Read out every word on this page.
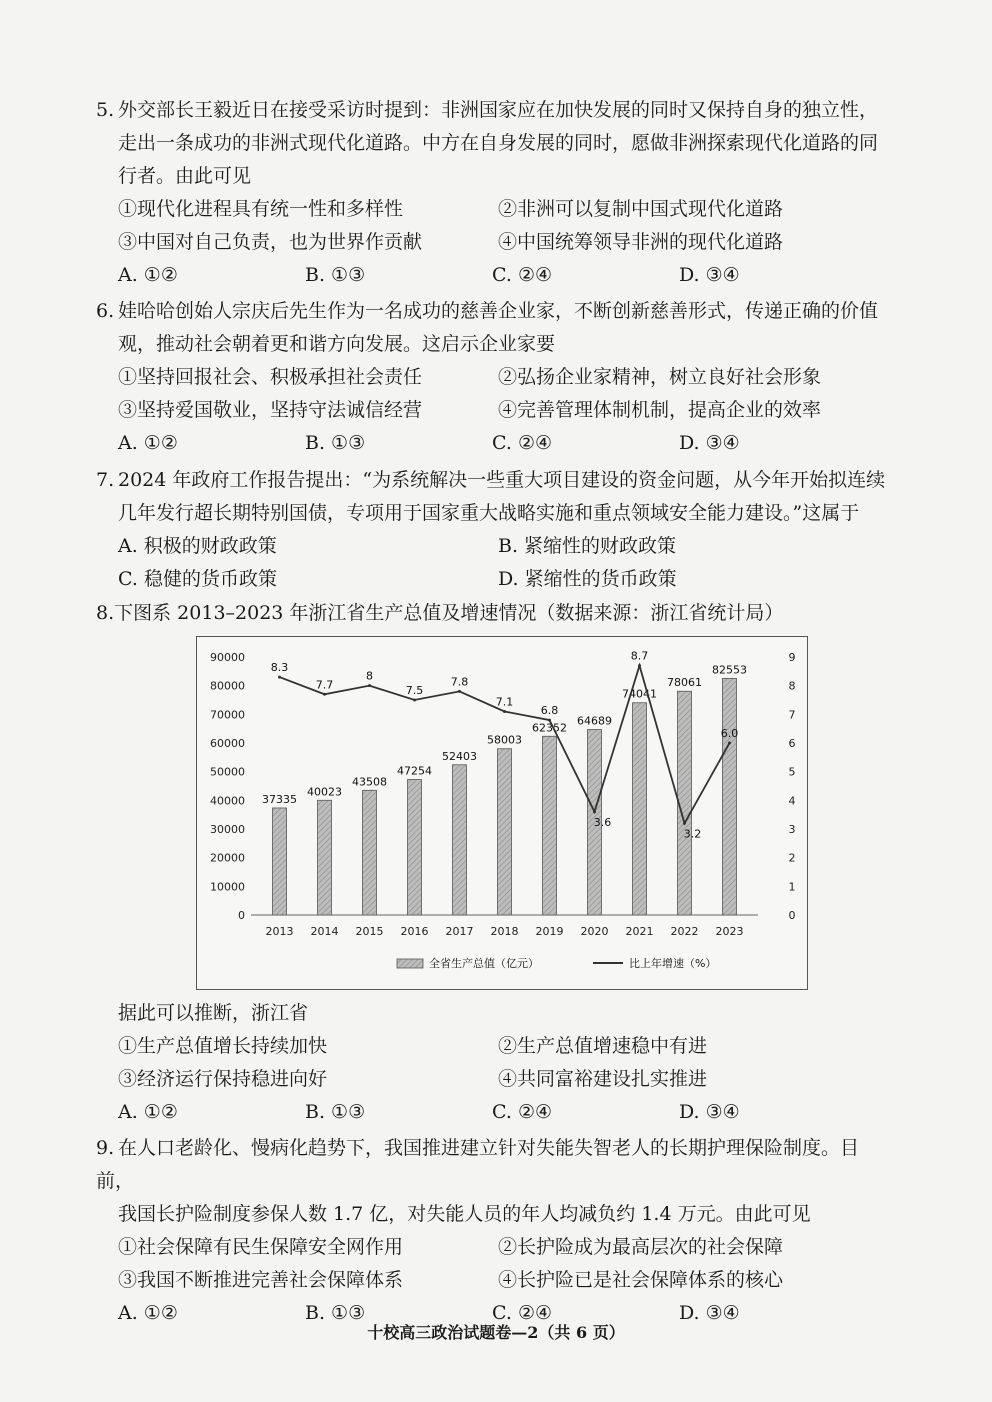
5. 外交部长王毅近日在接受采访时提到：非洲国家应在加快发展的同时又保持自身的独立性，
走出一条成功的非洲式现代化道路。中方在自身发展的同时，愿做非洲探索现代化道路的同
行者。由此可见
①现代化进程具有统一性和多样性	②非洲可以复制中国式现代化道路
③中国对自己负责，也为世界作贡献	④中国统筹领导非洲的现代化道路
A. ①②	B. ①③	C. ②④	D. ③④
6. 娃哈哈创始人宗庆后先生作为一名成功的慈善企业家，不断创新慈善形式，传递正确的价值
观，推动社会朝着更和谐方向发展。这启示企业家要
①坚持回报社会、积极承担社会责任	②弘扬企业家精神，树立良好社会形象
③坚持爱国敬业，坚持守法诚信经营	④完善管理体制机制，提高企业的效率
A. ①②	B. ①③	C. ②④	D. ③④
7. 2024 年政府工作报告提出：“为系统解决一些重大项目建设的资金问题，从今年开始拟连续
几年发行超长期特别国债，专项用于国家重大战略实施和重点领域安全能力建设。”这属于
A. 积极的财政政策	B. 紧缩性的财政政策
C. 稳健的货币政策	D. 紧缩性的货币政策
8.下图系 2013–2023 年浙江省生产总值及增速情况（数据来源：浙江省统计局）
0
10000
20000
30000
40000
50000
60000
70000
80000
90000
0
1
2
3
4
5
6
7
8
9
37335
40023
43508
47254
52403
58003
62352
64689
74041
78061
82553
8.3
7.7
8
7.5
7.8
7.1
6.8
3.6
8.7
3.2
6.0
2013 2014 2015 2016 2017 2018 2019 2020 2021 2022 2023
全省生产总值（亿元）	比上年增速（%）
据此可以推断，浙江省
①生产总值增长持续加快	②生产总值增速稳中有进
③经济运行保持稳进向好	④共同富裕建设扎实推进
A. ①②	B. ①③	C. ②④	D. ③④
9. 在人口老龄化、慢病化趋势下，我国推进建立针对失能失智老人的长期护理保险制度。目前，
我国长护险制度参保人数 1.7 亿，对失能人员的年人均减负约 1.4 万元。由此可见
①社会保障有民生保障安全网作用	②长护险成为最高层次的社会保障
③我国不断推进完善社会保障体系	④长护险已是社会保障体系的核心
A. ①②	B. ①③	C. ②④	D. ③④
十校高三政治试题卷—2（共 6 页）
